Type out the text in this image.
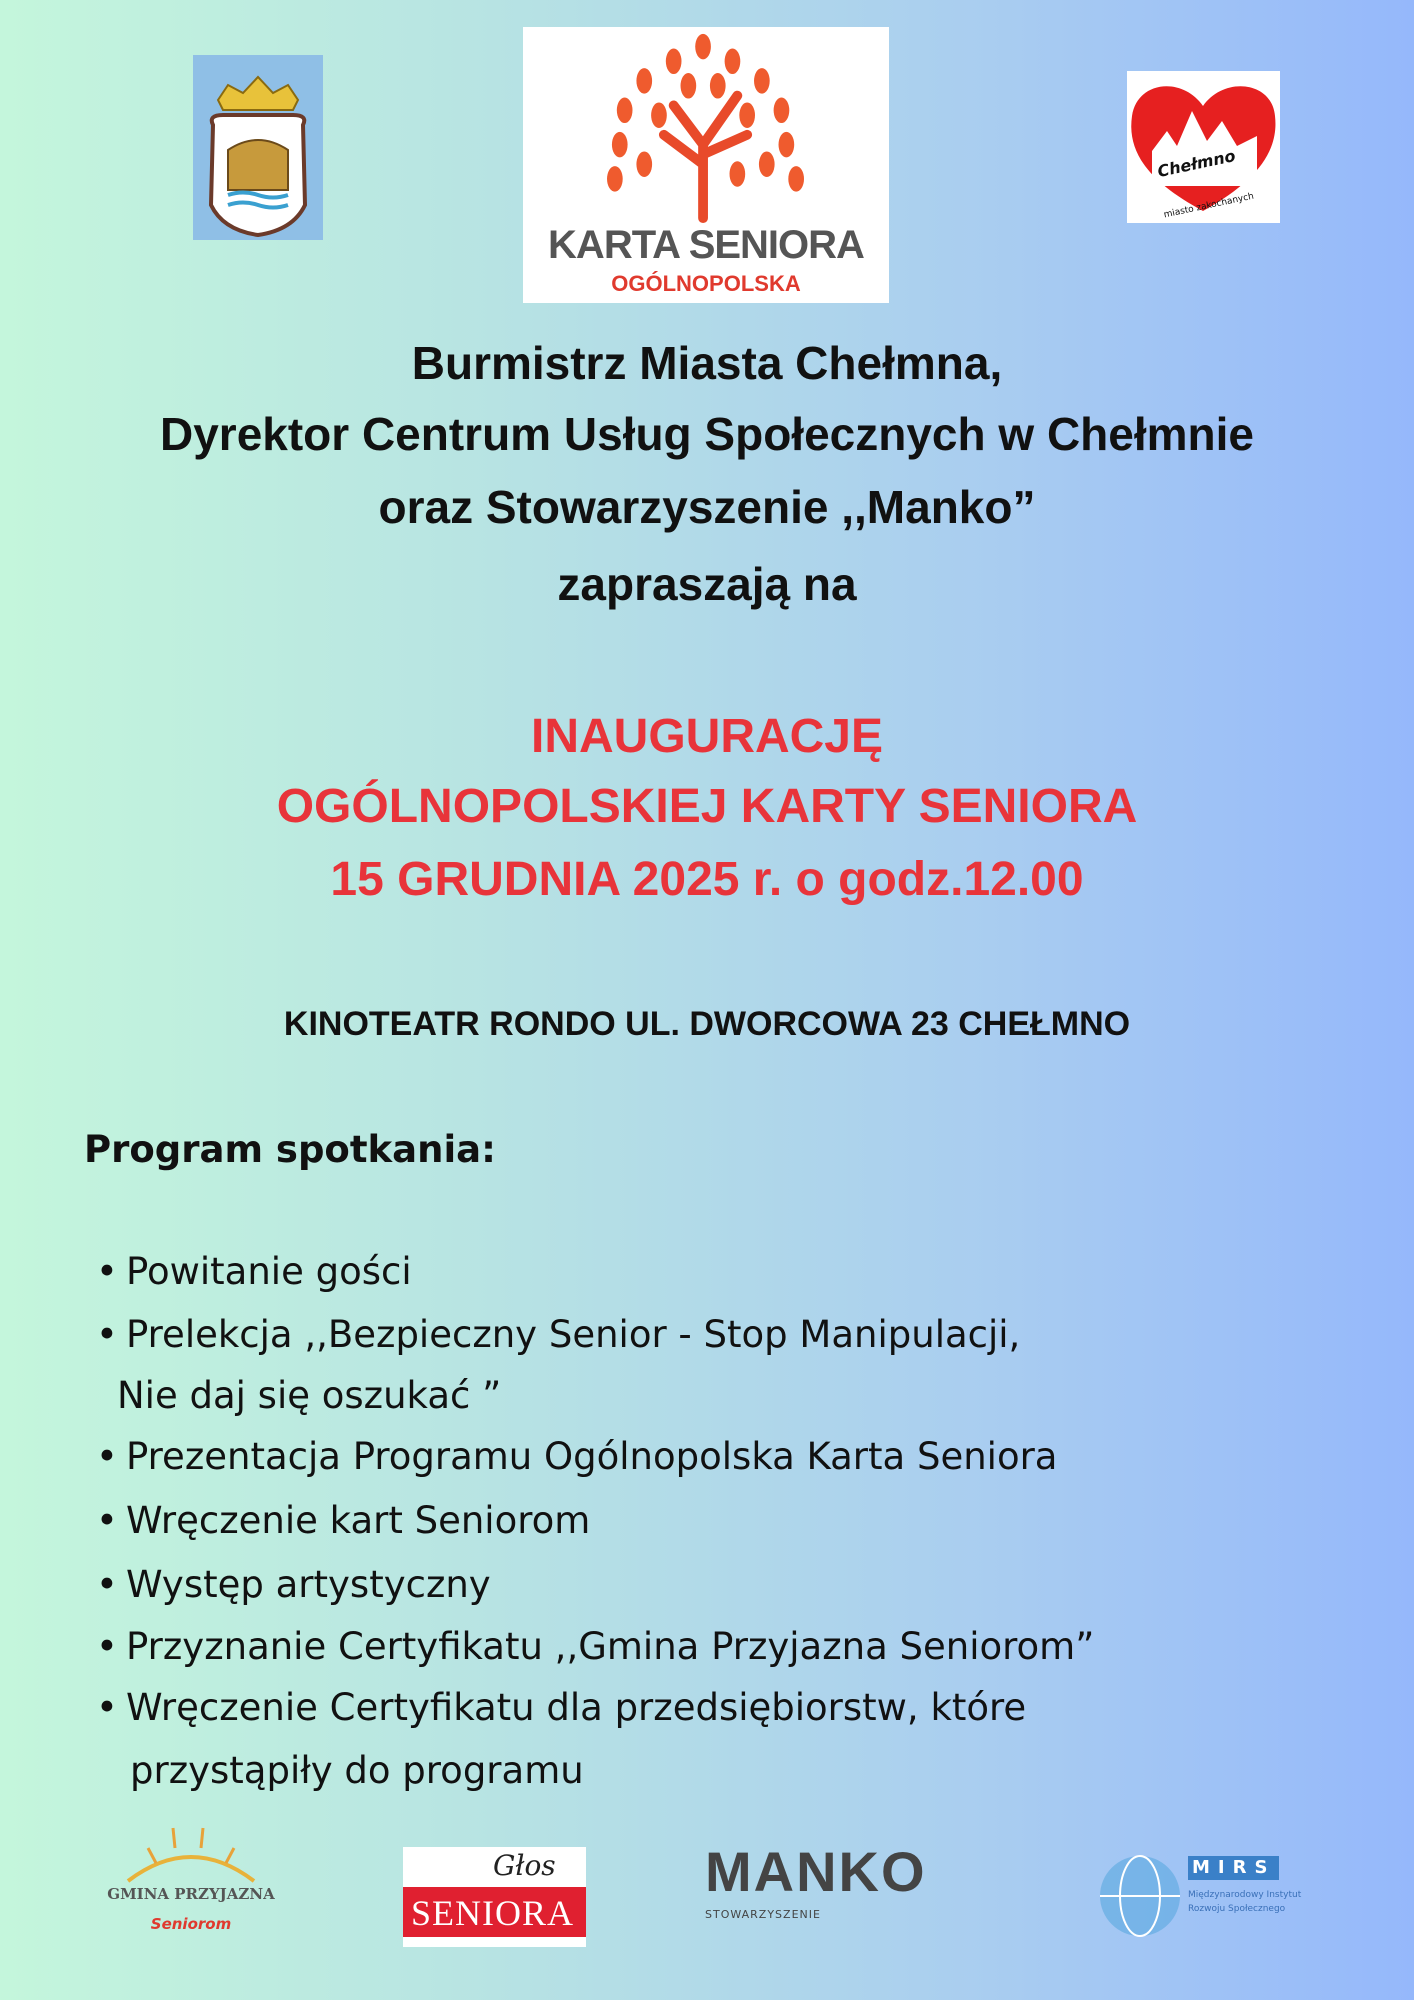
KARTA SENIORA
OGÓLNOPOLSKA
Chełmno
miasto zakochanych
Burmistrz Miasta Chełmna,
Dyrektor Centrum Usług Społecznych w Chełmnie
oraz Stowarzyszenie ,,Manko”
zapraszają na
INAUGURACJĘ
OGÓLNOPOLSKIEJ KARTY SENIORA
15 GRUDNIA 2025 r. o godz.12.00
KINOTEATR RONDO UL. DWORCOWA 23 CHEŁMNO
Program spotkania:
• Powitanie gości
• Prelekcja ,,Bezpieczny Senior - Stop Manipulacji,
Nie daj się oszukać ”
• Prezentacja Programu Ogólnopolska Karta Seniora
• Wręczenie kart Seniorom
• Występ artystyczny
• Przyznanie Certyfikatu ,,Gmina Przyjazna Seniorom”
• Wręczenie Certyfikatu dla przedsiębiorstw, które
przystąpiły do programu
GMINA PRZYJAZNA
Seniorom
Głos
SENIORA
MANKO
STOWARZYSZENIE
MIRS
Międzynarodowy Instytut
Rozwoju Społecznego
